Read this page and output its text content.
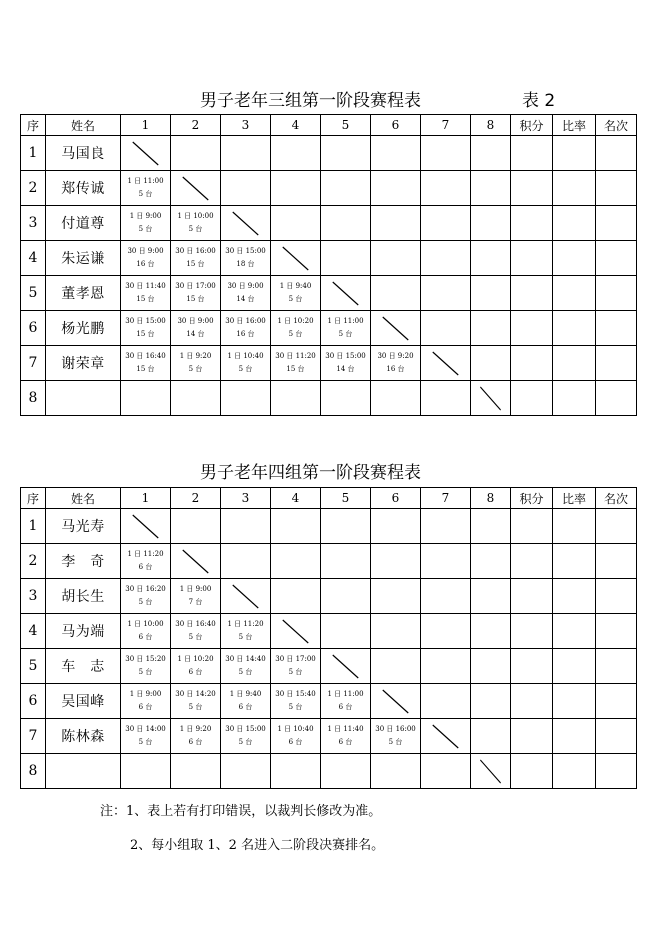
男子老年三组第一阶段赛程表	表 2
序	姓名	1	2	3	4	5	6	7	8	积分	比率	名次
1	马国良	

2	郑传诚	1 日 11:00
5 台

3	付道尊	1 日 9:00
5 台	1 日 10:00
5 台

4	朱运谦	30 日 9:00
16 台	30 日 16:00
15 台	30 日 15:00
18 台

5	董孝恩	30 日 11:40
15 台	30 日 17:00
15 台	30 日 9:00
14 台	1 日 9:40
5 台

6	杨光鹏	30 日 15:00
15 台	30 日 9:00
14 台	30 日 16:00
16 台	1 日 10:20
5 台	1 日 11:00
5 台

7	谢荣章	30 日 16:40
15 台	1 日 9:20
5 台	1 日 10:40
5 台	30 日 11:20
15 台	30 日 15:00
14 台	30 日 9:20
16 台

8									

男子老年四组第一阶段赛程表
序	姓名	1	2	3	4	5	6	7	8	积分	比率	名次
1	马光寿	

2	李　奇	1 日 11:20
6 台

3	胡长生	30 日 16:20
5 台	1 日 9:00
7 台

4	马为端	1 日 10:00
6 台	30 日 16:40
5 台	1 日 11:20
5 台

5	车　志	30 日 15:20
5 台	1 日 10:20
6 台	30 日 14:40
5 台	30 日 17:00
5 台

6	吴国峰	1 日 9:00
6 台	30 日 14:20
5 台	1 日 9:40
6 台	30 日 15:40
5 台	1 日 11:00
6 台

7	陈林森	30 日 14:00
5 台	1 日 9:20
6 台	30 日 15:00
5 台	1 日 10:40
6 台	1 日 11:40
6 台	30 日 16:00
5 台

8									

注：1、表上若有打印错误，以裁判长修改为准。
2、每小组取 1、2 名进入二阶段决赛排名。
